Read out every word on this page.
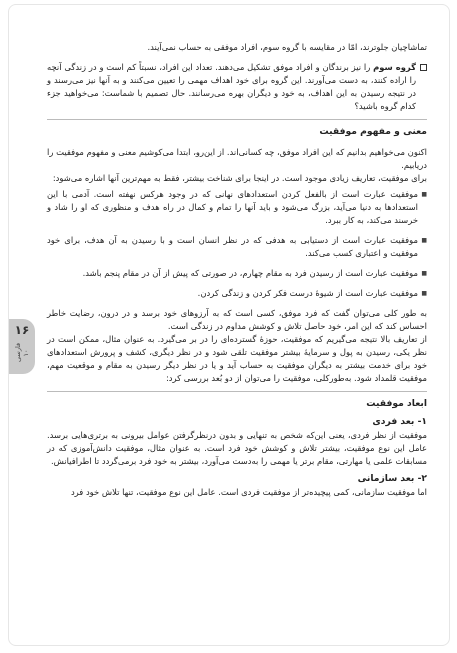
۱۶
فارسی ۱۰

تماشاچیان جلوترند، امّا در مقایسه با گروه سوم، افراد موفقی به حساب نمی‌آیند.

گروه سوم را نیز برندگان و افراد موفق تشکیل می‌دهند. تعداد این افراد، نسبتاً کم است و در زندگی آنچه را اراده کنند، به دست می‌آورند. این گروه برای خود اهداف مهمی را تعیین می‌کنند و به آنها نیز می‌رسند و در نتیجه رسیدن به این اهداف، به خود و دیگران بهره می‌رسانند. حال تصمیم با شماست: می‌خواهید جزء کدام گروه باشید؟

معنی و مفهوم موفقیت

اکنون می‌خواهیم بدانیم که این افراد موفق، چه کسانی‌اند. از این‌رو، ابتدا می‌کوشیم معنی و مفهوم موفقیت را دریابیم.

برای موفقیت، تعاریف زیادی موجود است. در اینجا برای شناخت بیشتر، فقط به مهم‌ترین آنها اشاره می‌شود:

■ موفقیت عبارت است از بالفعل کردن استعدادهای نهانی که در وجود هرکس نهفته است. آدمی با این استعدادها به دنیا می‌آید، بزرگ می‌شود و باید آنها را تمام و کمال در راه هدف و منظوری که او را شاد و خرسند می‌کند، به کار ببرد.

■ موفقیت عبارت است از دستیابی به هدفی که در نظر انسان است و با رسیدن به آن هدف، برای خود موفقیت و اعتباری کسب می‌کند.

■ موفقیت عبارت است از رسیدن فرد به مقام چهارم، در صورتی که پیش از آن در مقام پنجم باشد.

■ موفقیت عبارت است از شیوهٔ درست فکر کردن و زندگی کردن.

به طور کلی می‌توان گفت که فرد موفق، کسی است که به آرزوهای خود برسد و در درون، رضایت خاطر احساس کند که این امر، خود حاصل تلاش و کوشش مداوم در زندگی است.

از تعاریف بالا نتیجه می‌گیریم که موفقیت، حوزهٔ گسترده‌ای را در بر می‌گیرد. به عنوان مثال، ممکن است در نظر یکی، رسیدن به پول و سرمایهٔ بیشتر موفقیت تلقی شود و در نظر دیگری، کشف و پرورش استعدادهای خود برای خدمت بیشتر به دیگران موفقیت به حساب آید و یا در نظر دیگر رسیدن به مقام و موقعیت مهم، موفقیت قلمداد شود. به‌طورکلی، موفقیت را می‌توان از دو بُعد بررسی کرد:

ابعاد موفقیت

۱- بعد فردی

موفقیت از نظر فردی، یعنی این‌که شخص به تنهایی و بدون درنظرگرفتن عوامل بیرونی به برتری‌هایی برسد. عامل این نوع موفقیت، بیشتر تلاش و کوشش خود فرد است. به عنوان مثال، موفقیت دانش‌آموزی که در مسابقات علمی یا مهارتی، مقام برتر یا مهمی را به‌دست می‌آورد، بیشتر به خود فرد برمی‌گردد تا اطرافیانش.

۲- بعد سازمانی

اما موفقیت سازمانی، کمی پیچیده‌تر از موفقیت فردی است. عامل این نوع موفقیت، تنها تلاش خود فرد
